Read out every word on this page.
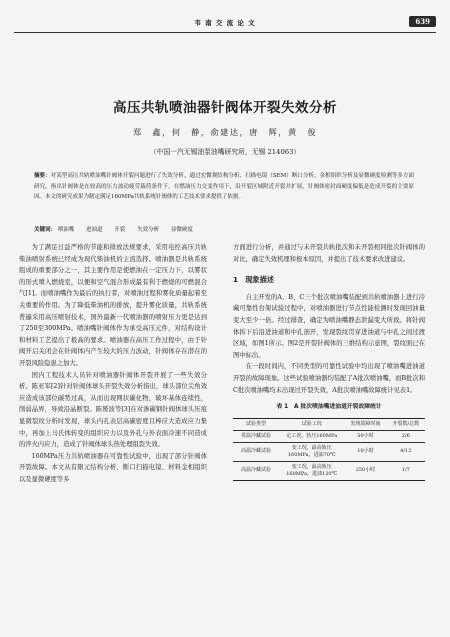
韦 南 交 流 论 文	639
高压共轨喷油器针阀体开裂失效分析
郑　鑫，何　静，俞建达，唐　辉，黄　俊
（中国一汽无锡油泵油嘴研究所，无锡 214063）
摘要：对某型高压共轨喷油嘴针阀体开裂问题进行了失效分析。通过宏微观结构分析、扫描电镜（SEM）断口分析、金相组织分析及显微硬度检测等多方面研究，指出针阀体是在较高的压力波动疲劳载荷条件下，在燃油压力交变作用下，沿开裂区域附近开裂并扩展，针阀体密封面硬度偏低是造成开裂的主要原因。本文的研究成果为制定满足160MPa共轨系统针阀体的工艺技术要求提供了依据。
关键词： 喷油嘴 进油道 开裂 失效分析 显微硬度

为了满足日益严格的节能和排放法规要求，采用电控高压共轨柴油喷射系统已经成为现代柴油机的主流选择。喷油器是共轨系统组成的重要部分之一，其主要作用是使燃油在一定压力下，以雾状的形式喷入燃烧室，以便和空气混合形成最有利于燃烧的可燃混合气[1]。而喷油嘴作为最后的执行者，对喷油过程和雾化质量起着至关重要的作用。为了降低柴油机的排放，提升雾化质量，共轨系统普遍采用高压喷射技术，国外最新一代喷油器的喷射压力更是达到了250至300MPa。喷油嘴针阀体作为承受高压元件，对结构设计和材料工艺提出了极高的要求。喷油器在高压工作过程中，由于针阀开启关闭会在针阀体内产生较大的压力波动，针阀体存在潜在的开裂风险隐患之加大。

国内工程技术人员针对喷油器针阀体开裂开展了一些失效分析。陈亚军[2]针对针阀体球头开裂失效分析指出，球头部位尖角效应造成该部位碳势过高，从而出现网状碳化物，破坏基体连续性，削弱晶界，导致沿晶断裂。陈赟波等[3]在对渗碳钢针阀体球头压痕显微裂纹分析时发现，球头内孔表层高碳密度且棒应大造成应力集中，再加上马氏体转变的组织应力以及外孔与外表面冷速不同造成的淬火内应力，造成了针阀体球头热处理组裂失效。

160MPa压力共轨喷油器在可靠性试验中，出现了部分针阀体开裂故障。本文从有限元结构分析、断口扫描电镜、材料金相组织以及显微硬度等多

方面进行分析，并通过与未开裂共轨批次和未开裂相同批次针阀体的对比，确定失效机理和根本原因，并提出了技术要求改进建议。

1　现象描述

自主开发的A、B、C三个批次喷油嘴装配到共轨喷油器上进行冷藏可靠性台架试验过程中，对喷油器进行节点性能检测时发现回油量变大至少一倍。经过排查，确定为喷油嘴静态泄漏变大所致。将针阀体拆下后沿进油道和中孔剖开，发现裂纹贯穿进油道与中孔之间过渡区域，如图1所示。图2是开裂针阀体的三维结构示意图，裂纹面已在图中标出。

在一段时间内，不同类型的可靠性试验中均出现了喷油嘴进油道开裂的故障现象。这些试验喷油器均装配了A批次喷油嘴，而B批次和C批次喷油嘴均未出现过开裂失效，A批次喷油嘴故障统计见表1。

表 1　A 批次喷油嘴进油道开裂故障统计
试验类型	试验工况	发现故障时间	开裂数/总数
常温冷藏试验	定工况，轨压160MPa	50小时	2/6
高温冷藏试验	变工况，最高轨压160MPa，进油70℃	10小时	4/12
高温冷藏试验	变工况，最高轨压160MPa，进油120℃	250小时	1/7
